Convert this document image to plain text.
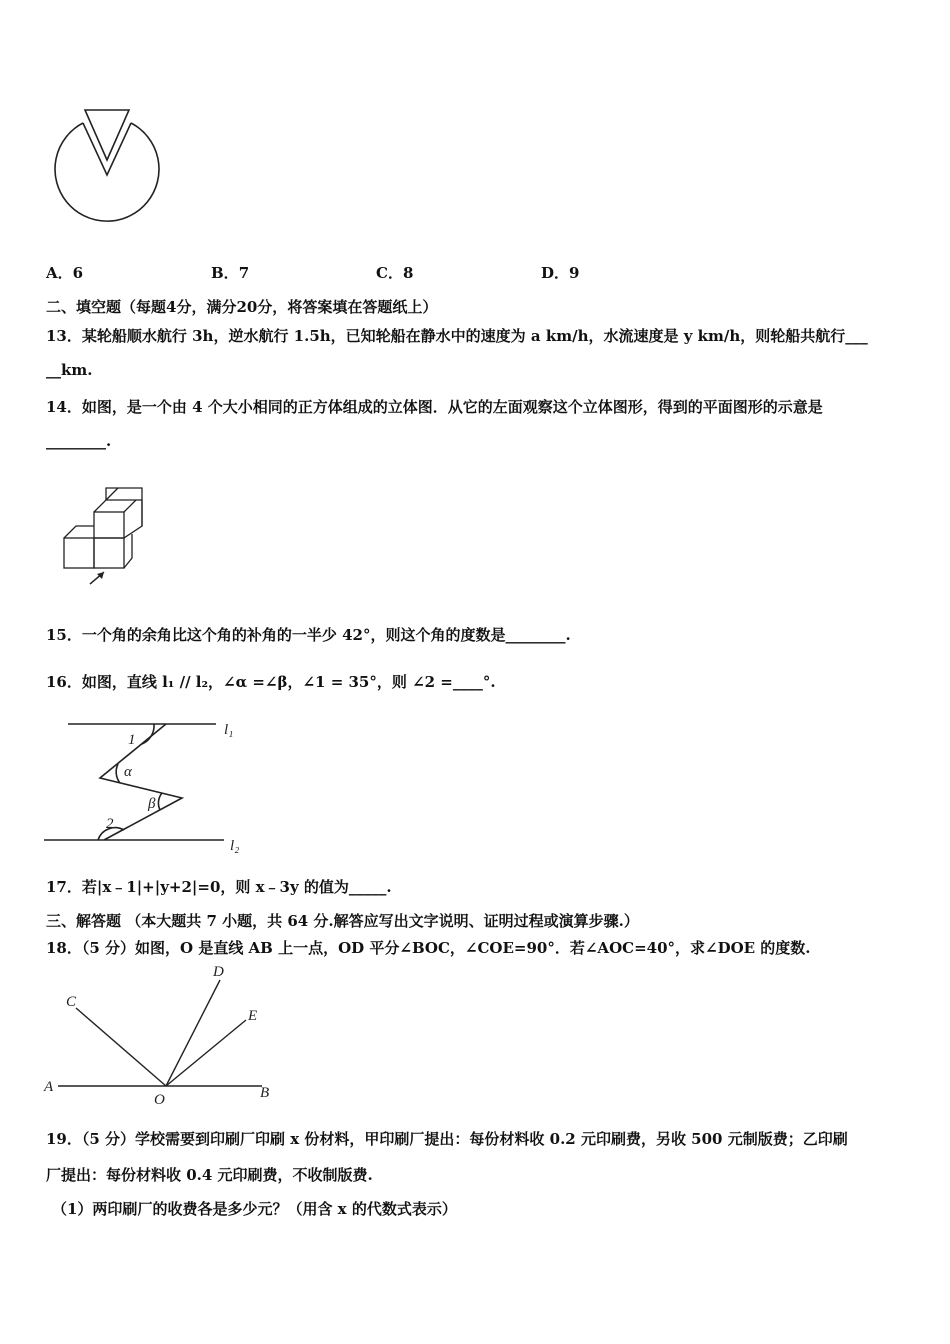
A．6	B．7	C．8	D．9
二、填空题（每题4分，满分20分，将答案填在答题纸上）
13．某轮船顺水航行 3h，逆水航行 1.5h，已知轮船在静水中的速度为 a km/h，水流速度是 y km/h，则轮船共航行___
__km.
14．如图，是一个由 4 个大小相同的正方体组成的立体图．从它的左面观察这个立体图形，得到的平面图形的示意是
________.
15．一个角的余角比这个角的补角的一半少 42°，则这个角的度数是________.
16．如图，直线 l₁ // l₂，∠α =∠β，∠1 = 35°，则 ∠2 =____°.
l₁
l₂
1
α
β
2
17．若|x﹣1|+|y+2|=0，则 x﹣3y 的值为_____.
三、解答题 （本大题共 7 小题，共 64 分.解答应写出文字说明、证明过程或演算步骤.）
18．（5 分）如图，O 是直线 AB 上一点，OD 平分∠BOC，∠COE=90°．若∠AOC=40°，求∠DOE 的度数.
A	B
C
D
E
O
19．（5 分）学校需要到印刷厂印刷 x 份材料，甲印刷厂提出：每份材料收 0.2 元印刷费，另收 500 元制版费；乙印刷
厂提出：每份材料收 0.4 元印刷费，不收制版费.
（1）两印刷厂的收费各是多少元？（用含 x 的代数式表示）
